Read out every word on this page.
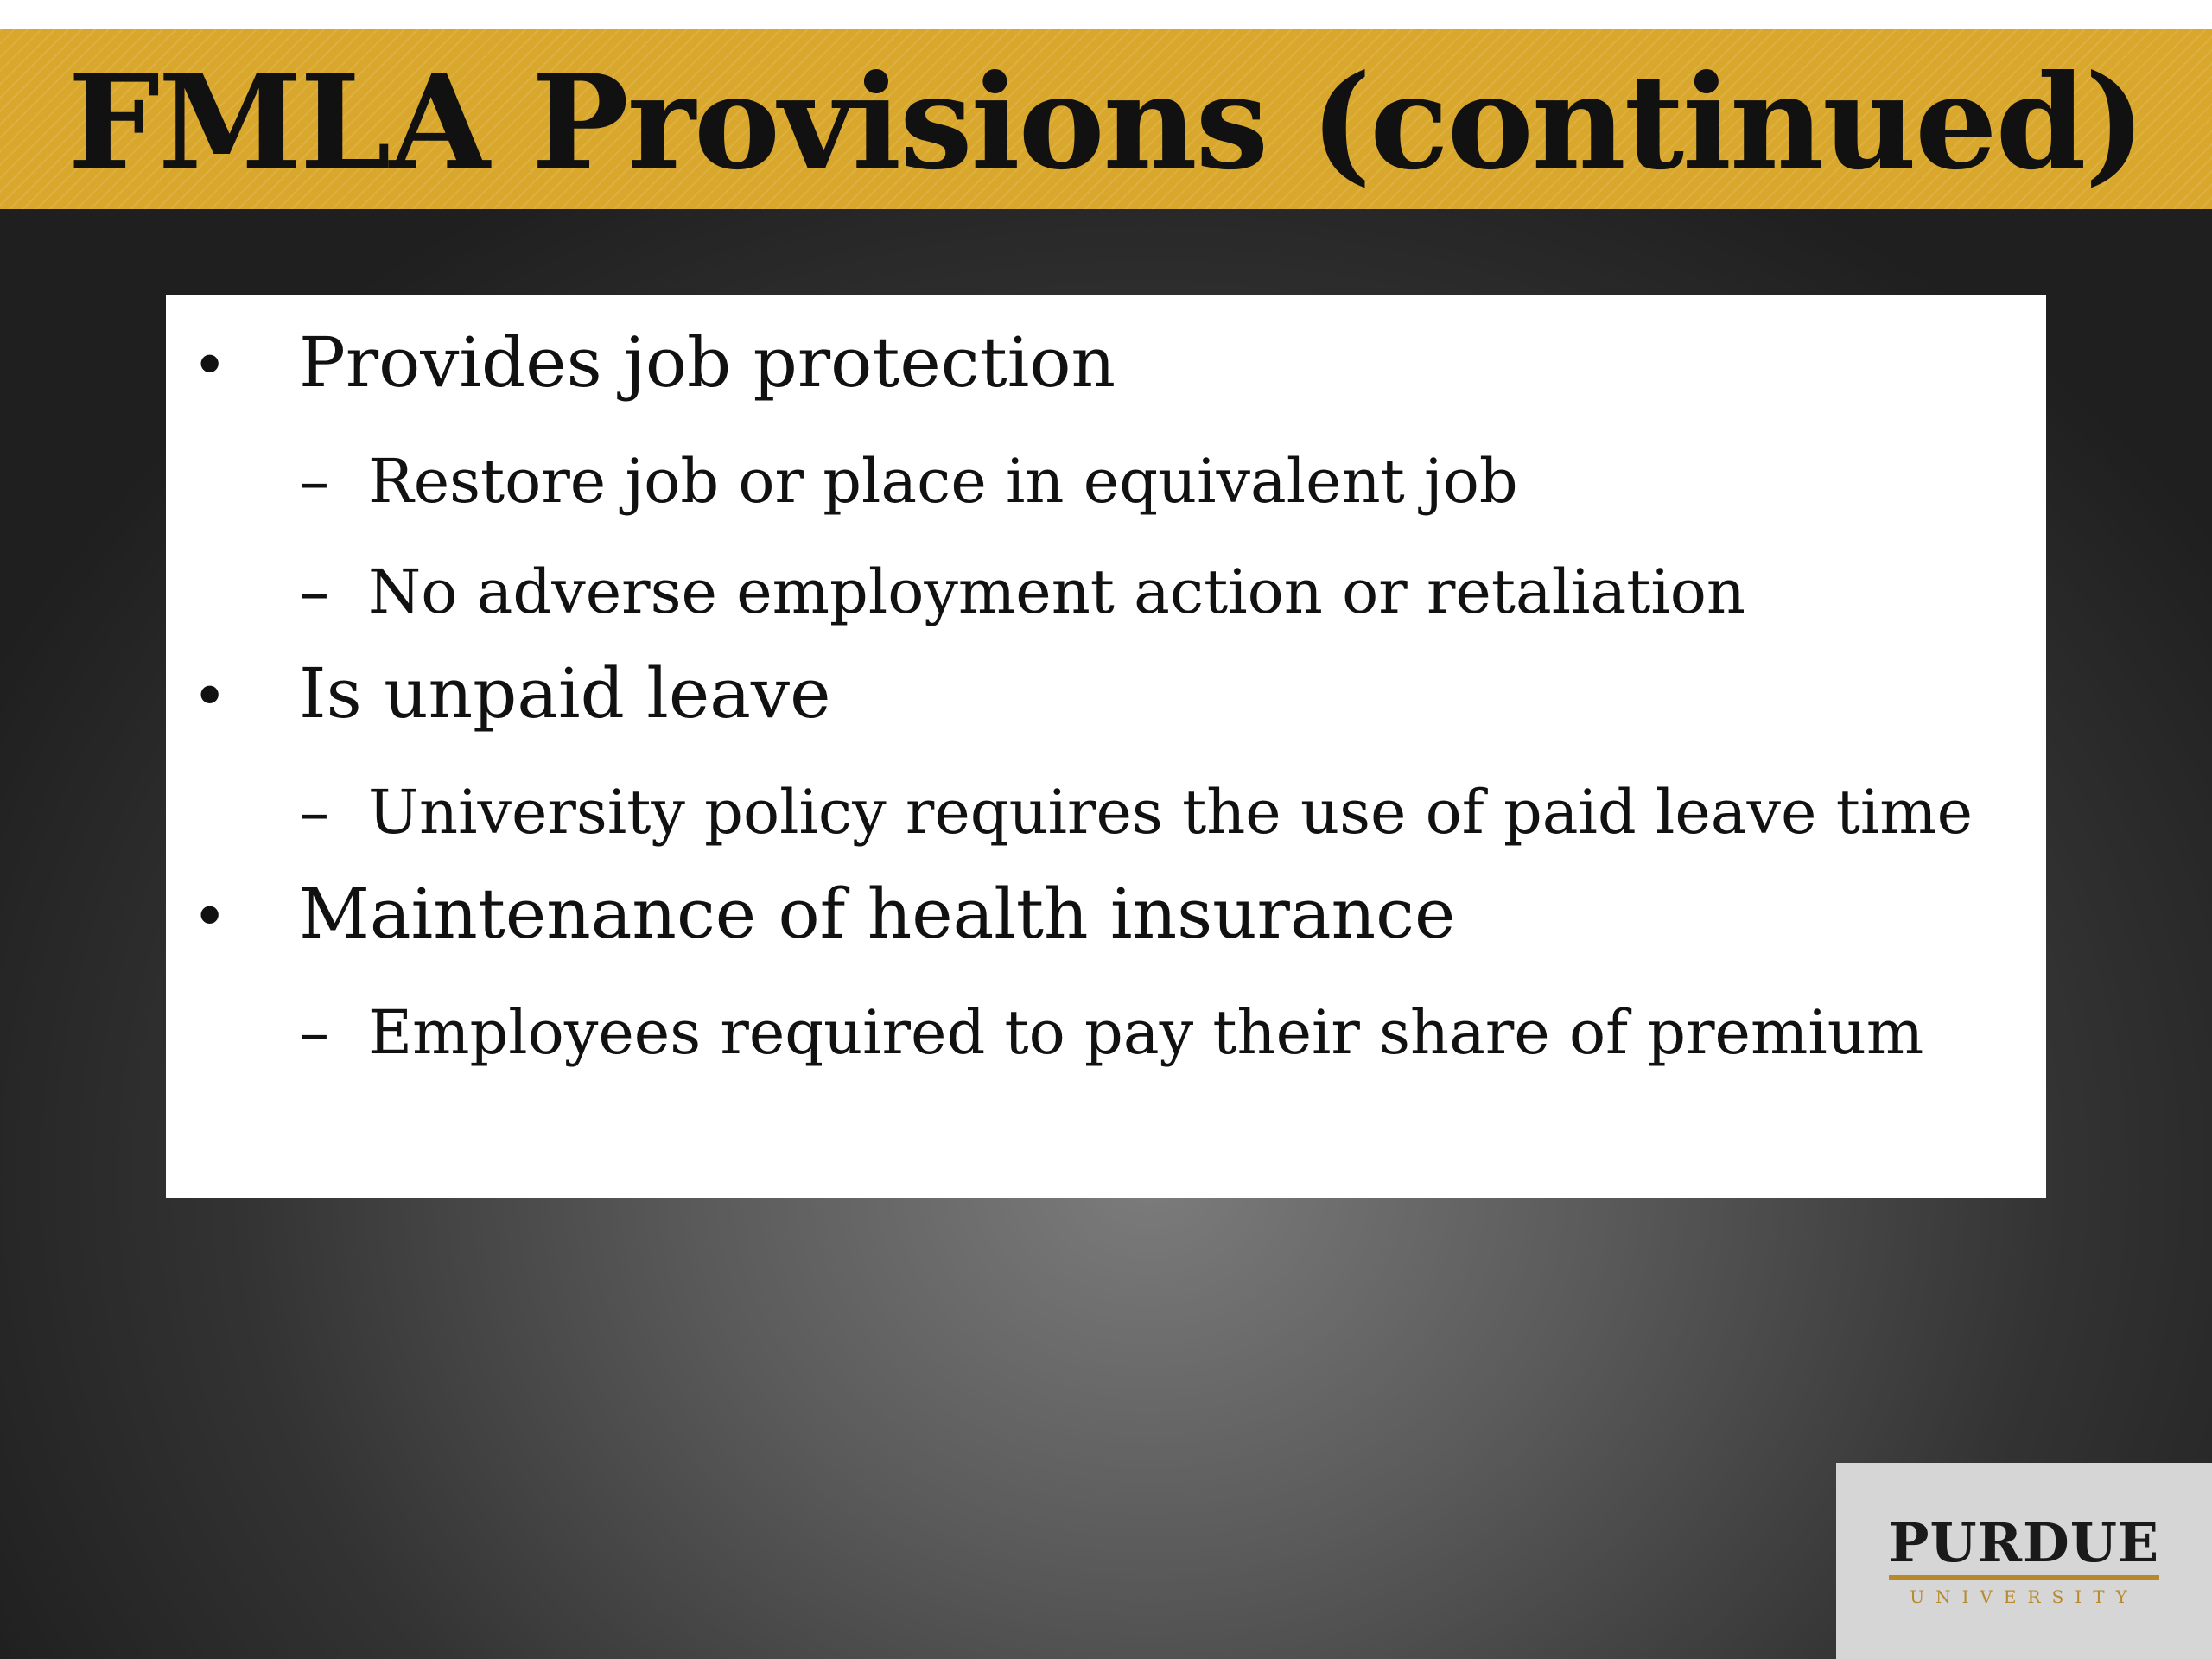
FMLA Provisions (continued)
•	Provides job protection
– Restore job or place in equivalent job
– No adverse employment action or retaliation
•	Is unpaid leave
– University policy requires the use of paid leave time
•	Maintenance of health insurance
– Employees required to pay their share of premium
PURDUE
UNIVERSITY
